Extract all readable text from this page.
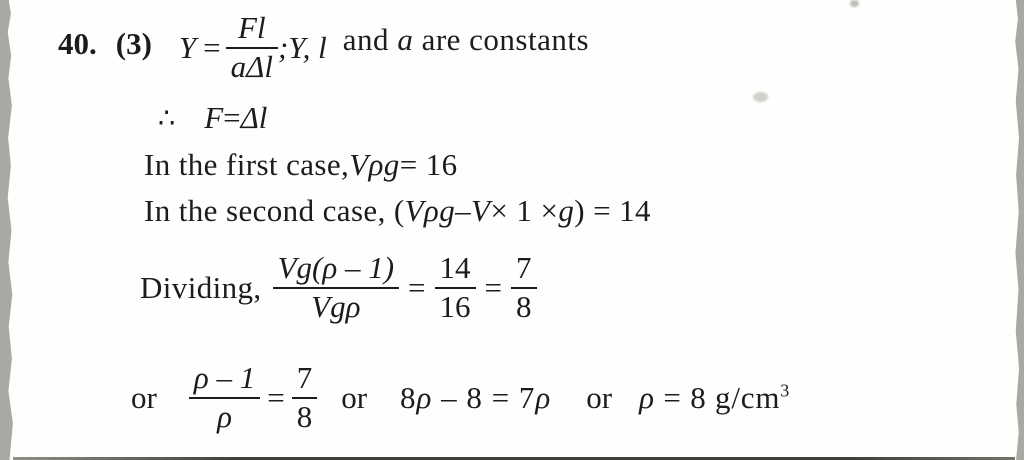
40. (3) $Y = \frac{Fl}{\text{aΔl}}$ ;Y, l and a are constants
∴ F = Δl
In the first case, Vρg = 16
In the second case, ( Vρg – V × 1 × g ) = 14
Dividing, $\frac{Vg(\rho - 1)}{\text{Vgρ}} = \frac{14}{16} = \frac{7}{8}$
or $\frac{\rho - 1}{\rho} = \frac{7}{8}$ or 8ρ – 8 = 7ρ or ρ = 8 $g/cm^3$
